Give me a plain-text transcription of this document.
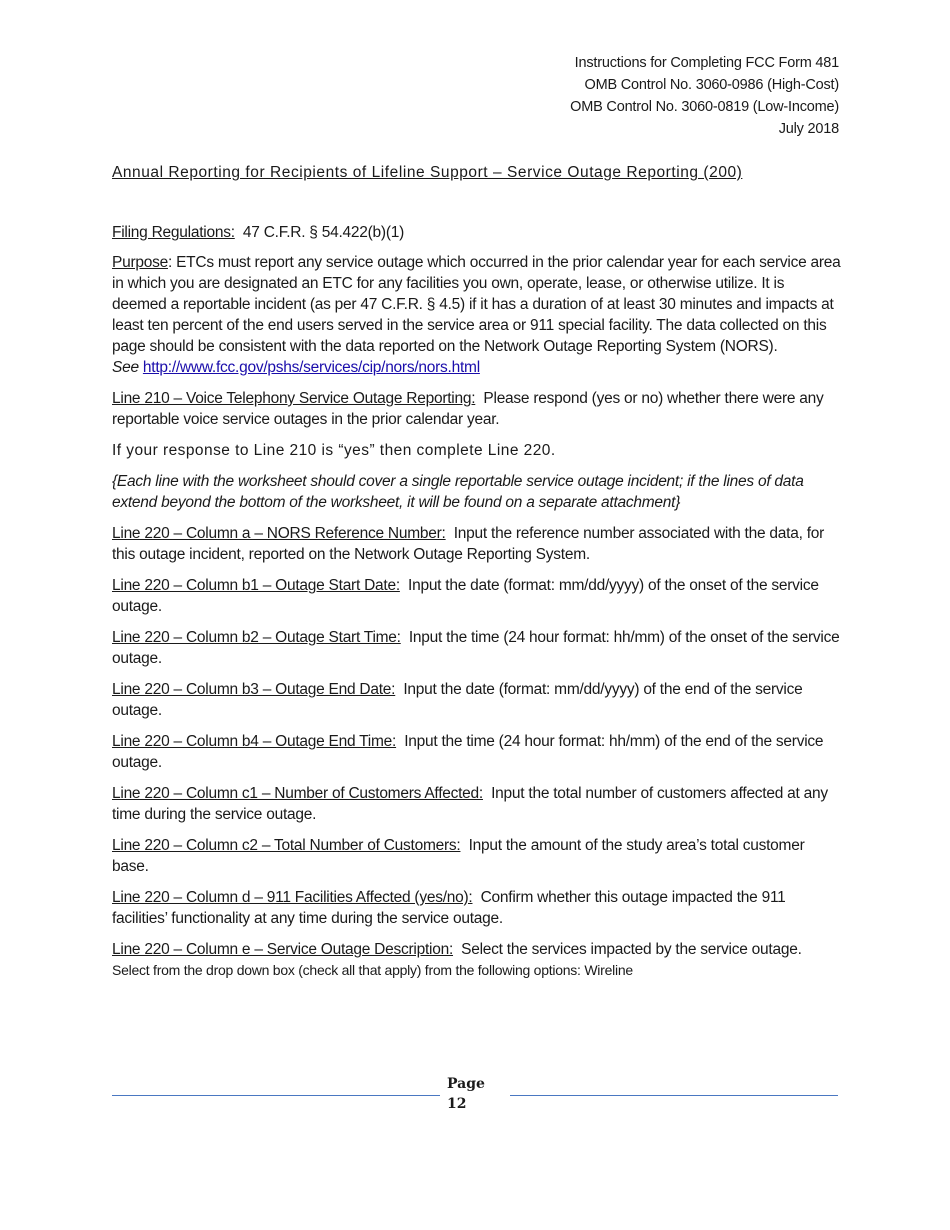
Instructions for Completing FCC Form 481
OMB Control No. 3060-0986 (High-Cost)
OMB Control No. 3060-0819 (Low-Income)
July 2018
Annual Reporting for Recipients of Lifeline Support – Service Outage Reporting (200)

Filing Regulations: 47 C.F.R. § 54.422(b)(1)

Purpose: ETCs must report any service outage which occurred in the prior calendar year for each service area in which you are designated an ETC for any facilities you own, operate, lease, or otherwise utilize. It is deemed a reportable incident (as per 47 C.F.R. § 4.5) if it has a duration of at least 30 minutes and impacts at least ten percent of the end users served in the service area or 911 special facility. The data collected on this page should be consistent with the data reported on the Network Outage Reporting System (NORS).
See http://www.fcc.gov/pshs/services/cip/nors/nors.html

Line 210 – Voice Telephony Service Outage Reporting: Please respond (yes or no) whether there were any reportable voice service outages in the prior calendar year.

If your response to Line 210 is “yes” then complete Line 220.

{Each line with the worksheet should cover a single reportable service outage incident; if the lines of data extend beyond the bottom of the worksheet, it will be found on a separate attachment}

Line 220 – Column a – NORS Reference Number: Input the reference number associated with the data, for this outage incident, reported on the Network Outage Reporting System.

Line 220 – Column b1 – Outage Start Date: Input the date (format: mm/dd/yyyy) of the onset of the service outage.

Line 220 – Column b2 – Outage Start Time: Input the time (24 hour format: hh/mm) of the onset of the service outage.

Line 220 – Column b3 – Outage End Date: Input the date (format: mm/dd/yyyy) of the end of the service outage.

Line 220 – Column b4 – Outage End Time: Input the time (24 hour format: hh/mm) of the end of the service outage.

Line 220 – Column c1 – Number of Customers Affected: Input the total number of customers affected at any time during the service outage.

Line 220 – Column c2 – Total Number of Customers: Input the amount of the study area’s total customer base.

Line 220 – Column d – 911 Facilities Affected (yes/no): Confirm whether this outage impacted the 911 facilities’ functionality at any time during the service outage.

Line 220 – Column e – Service Outage Description: Select the services impacted by the service outage. Select from the drop down box (check all that apply) from the following options: Wireline

Page
12
